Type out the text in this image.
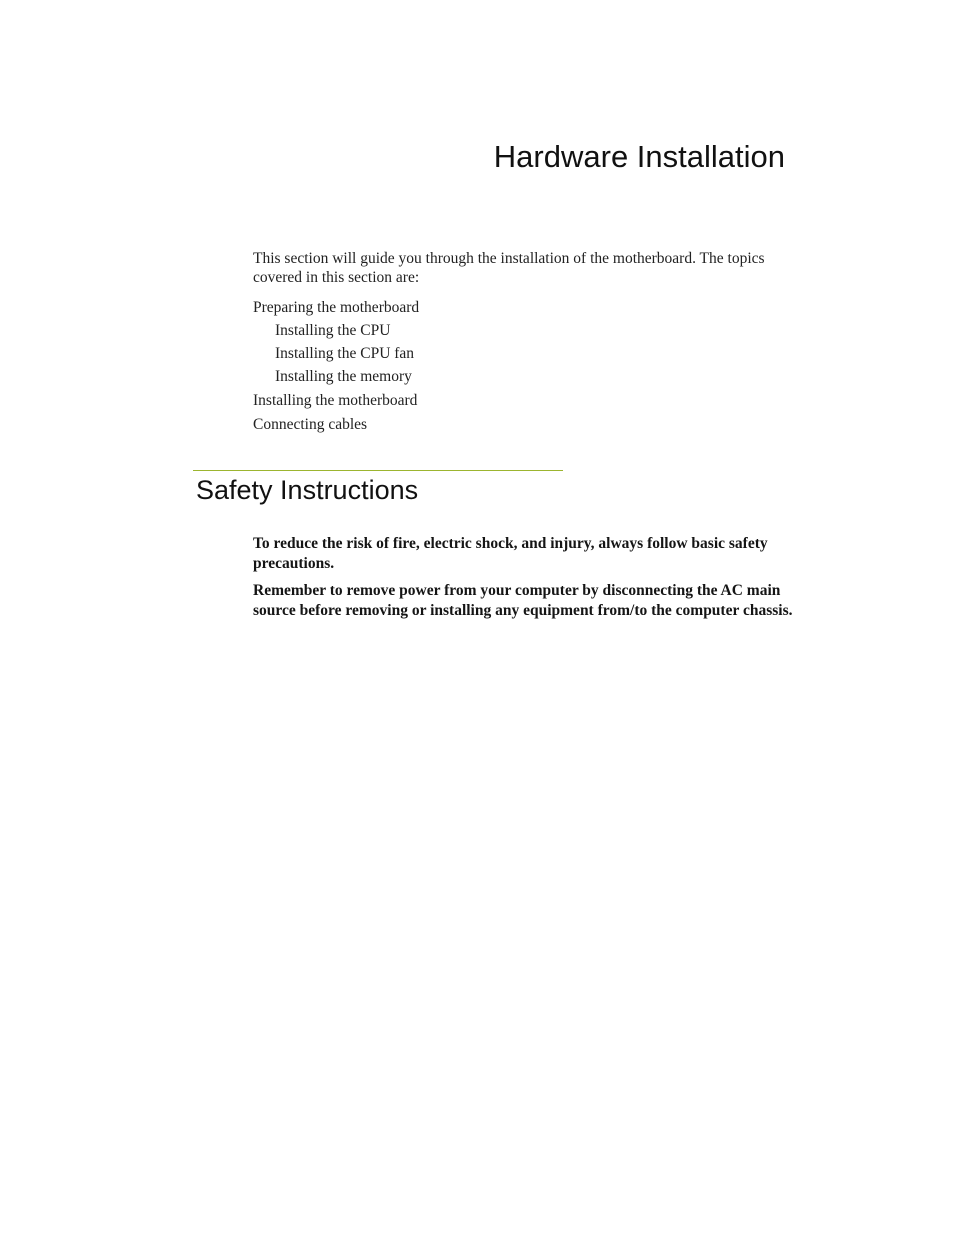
Hardware Installation

This section will guide you through the installation of the motherboard. The topics covered in this section are:

Preparing the motherboard
Installing the CPU
Installing the CPU fan
Installing the memory
Installing the motherboard
Connecting cables
Safety Instructions

To reduce the risk of fire, electric shock, and injury, always follow basic safety precautions.

Remember to remove power from your computer by disconnecting the AC main source before removing or installing any equipment from/to the computer chassis.
